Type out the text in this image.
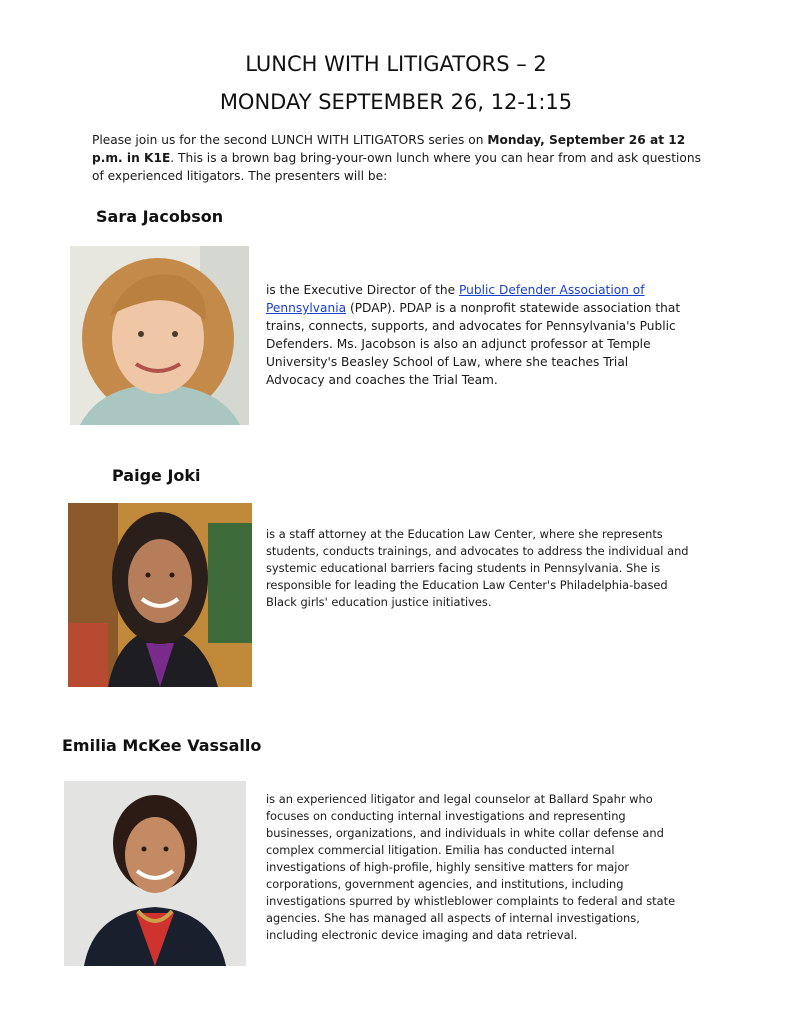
LUNCH WITH LITIGATORS – 2
MONDAY SEPTEMBER 26, 12-1:15

Please join us for the second LUNCH WITH LITIGATORS series on Monday, September 26 at 12 p.m. in K1E. This is a brown bag bring-your-own lunch where you can hear from and ask questions of experienced litigators. The presenters will be:

Sara Jacobson

is the Executive Director of the Public Defender Association of Pennsylvania (PDAP). PDAP is a nonprofit statewide association that trains, connects, supports, and advocates for Pennsylvania's Public Defenders. Ms. Jacobson is also an adjunct professor at Temple University's Beasley School of Law, where she teaches Trial Advocacy and coaches the Trial Team.

Paige Joki

is a staff attorney at the Education Law Center, where she represents students, conducts trainings, and advocates to address the individual and systemic educational barriers facing students in Pennsylvania. She is responsible for leading the Education Law Center's Philadelphia-based Black girls' education justice initiatives.

Emilia McKee Vassallo

is an experienced litigator and legal counselor at Ballard Spahr who focuses on conducting internal investigations and representing businesses, organizations, and individuals in white collar defense and complex commercial litigation. Emilia has conducted internal investigations of high-profile, highly sensitive matters for major corporations, government agencies, and institutions, including investigations spurred by whistleblower complaints to federal and state agencies. She has managed all aspects of internal investigations, including electronic device imaging and data retrieval.
